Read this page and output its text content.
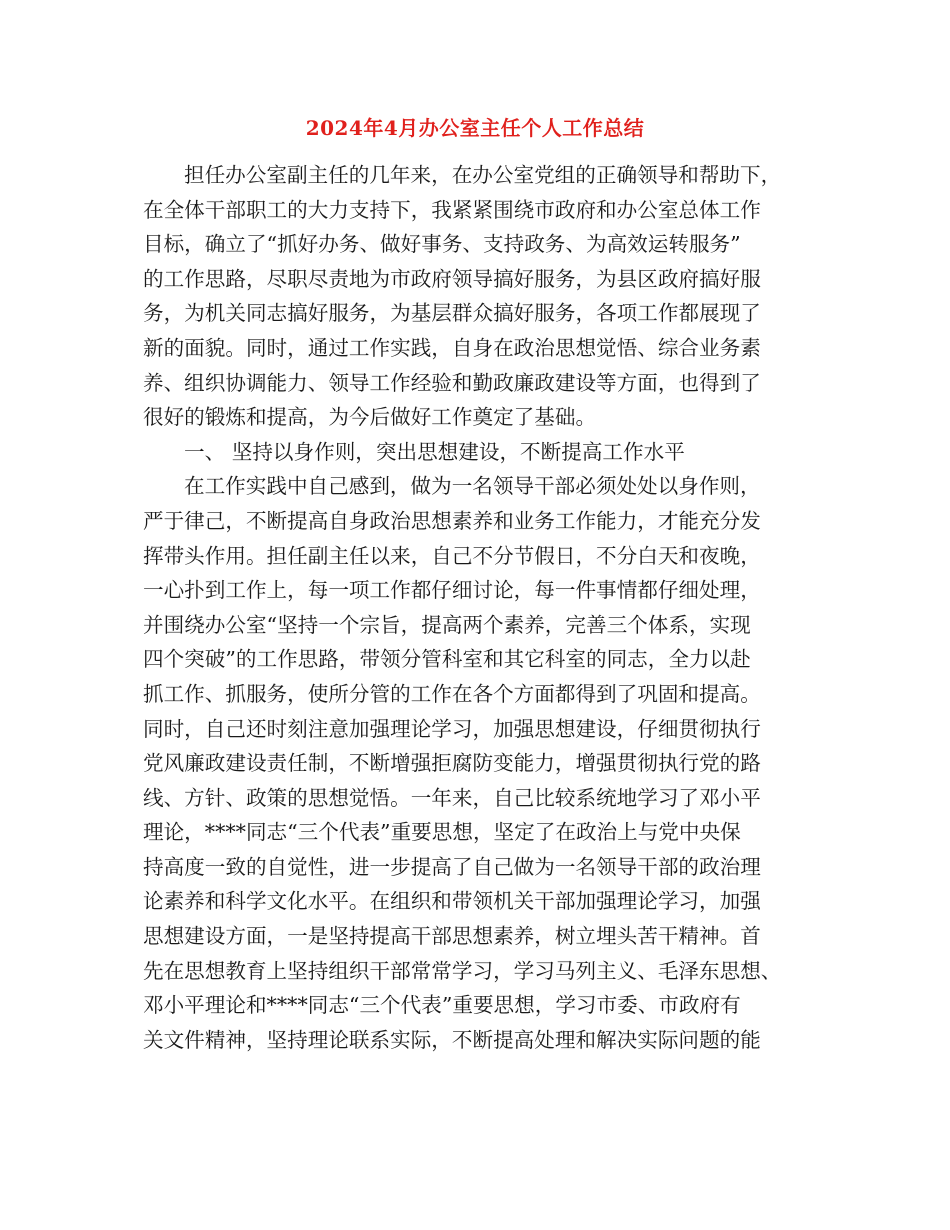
2024年4月办公室主任个人工作总结
担任办公室副主任的几年来，在办公室党组的正确领导和帮助下，
在全体干部职工的大力支持下，我紧紧围绕市政府和办公室总体工作
目标，确立了“抓好办务、做好事务、支持政务、为高效运转服务”
的工作思路，尽职尽责地为市政府领导搞好服务，为县区政府搞好服
务，为机关同志搞好服务，为基层群众搞好服务，各项工作都展现了
新的面貌。同时，通过工作实践，自身在政治思想觉悟、综合业务素
养、组织协调能力、领导工作经验和勤政廉政建设等方面，也得到了
很好的锻炼和提高，为今后做好工作奠定了基础。
一、 坚持以身作则，突出思想建设，不断提高工作水平
在工作实践中自己感到，做为一名领导干部必须处处以身作则，
严于律己，不断提高自身政治思想素养和业务工作能力，才能充分发
挥带头作用。担任副主任以来，自己不分节假日，不分白天和夜晚，
一心扑到工作上，每一项工作都仔细讨论，每一件事情都仔细处理，
并围绕办公室“坚持一个宗旨，提高两个素养，完善三个体系，实现
四个突破”的工作思路，带领分管科室和其它科室的同志，全力以赴
抓工作、抓服务，使所分管的工作在各个方面都得到了巩固和提高。
同时，自己还时刻注意加强理论学习，加强思想建设，仔细贯彻执行
党风廉政建设责任制，不断增强拒腐防变能力，增强贯彻执行党的路
线、方针、政策的思想觉悟。一年来，自己比较系统地学习了邓小平
理论，****同志“三个代表”重要思想，坚定了在政治上与党中央保
持高度一致的自觉性，进一步提高了自己做为一名领导干部的政治理
论素养和科学文化水平。在组织和带领机关干部加强理论学习，加强
思想建设方面，一是坚持提高干部思想素养，树立埋头苦干精神。首
先在思想教育上坚持组织干部常常学习，学习马列主义、毛泽东思想、
邓小平理论和****同志“三个代表”重要思想，学习市委、市政府有
关文件精神，坚持理论联系实际，不断提高处理和解决实际问题的能
